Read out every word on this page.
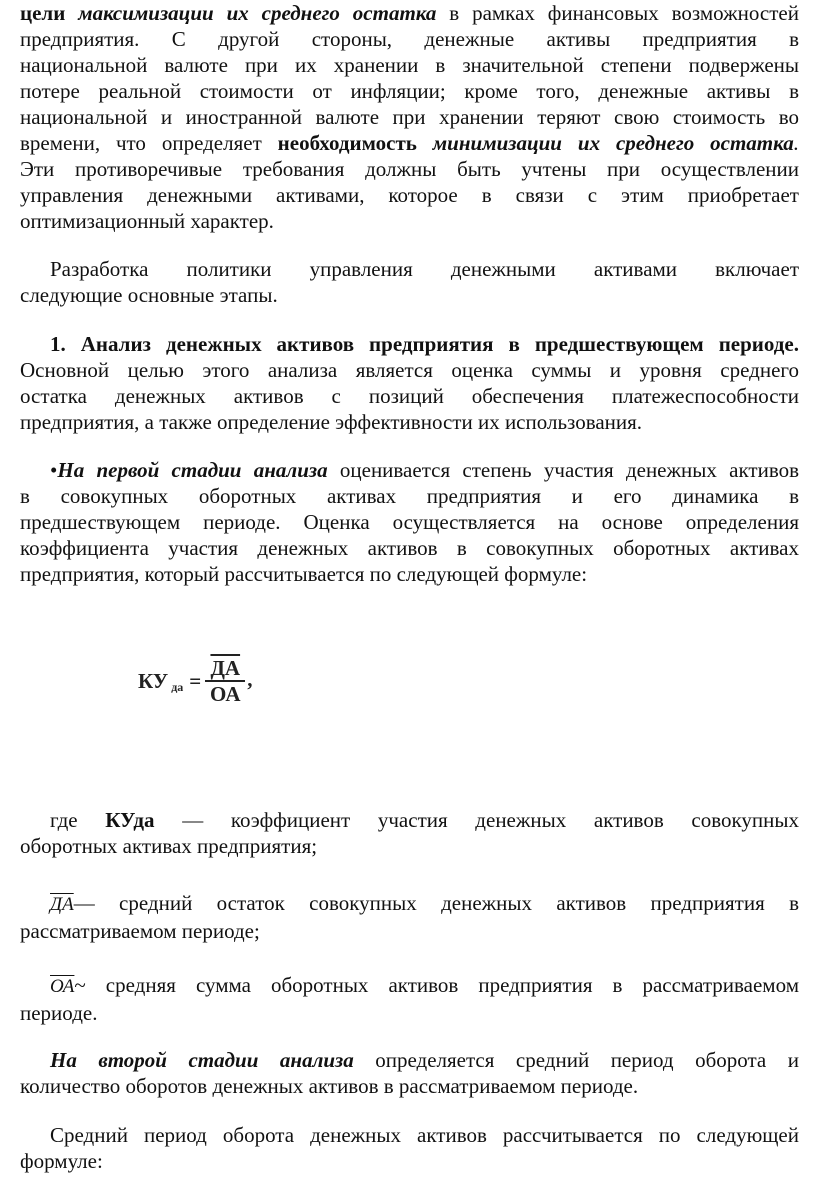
цели максимизации их среднего остатка в рамках финансовых возможностей
предприятия. С другой стороны, денежные активы предприятия в
национальной валюте при их хранении в значительной степени подвержены
потере реальной стоимости от инфляции; кроме того, денежные активы в
национальной и иностранной валюте при хранении теряют свою стоимость во
времени, что определяет необходимость минимизации их среднего остатка.
Эти противоречивые требования должны быть учтены при осуществлении
управления денежными активами, которое в связи с этим приобретает
оптимизационный характер.
Разработка политики управления денежными активами включает
следующие основные этапы.
1. Анализ денежных активов предприятия в предшествующем периоде.
Основной целью этого анализа является оценка суммы и уровня среднего
остатка денежных активов с позиций обеспечения платежеспособности
предприятия, а также определение эффективности их использования.
•На первой стадии анализа оценивается степень участия денежных активов
в совокупных оборотных активах предприятия и его динамика в
предшествующем периоде. Оценка осуществляется на основе определения
коэффициента участия денежных активов в совокупных оборотных активах
предприятия, который рассчитывается по следующей формуле:
КУ да = $\frac{ДА}{ОА}$ ,
где КУда — коэффициент участия денежных активов совокупных
оборотных активах предприятия;
ДА— средний остаток совокупных денежных активов предприятия в
рассматриваемом периоде;
ОА~ средняя сумма оборотных активов предприятия в рассматриваемом
периоде.
На второй стадии анализа определяется средний период оборота и
количество оборотов денежных активов в рассматриваемом периоде.
Средний период оборота денежных активов рассчитывается по следующей
формуле:
